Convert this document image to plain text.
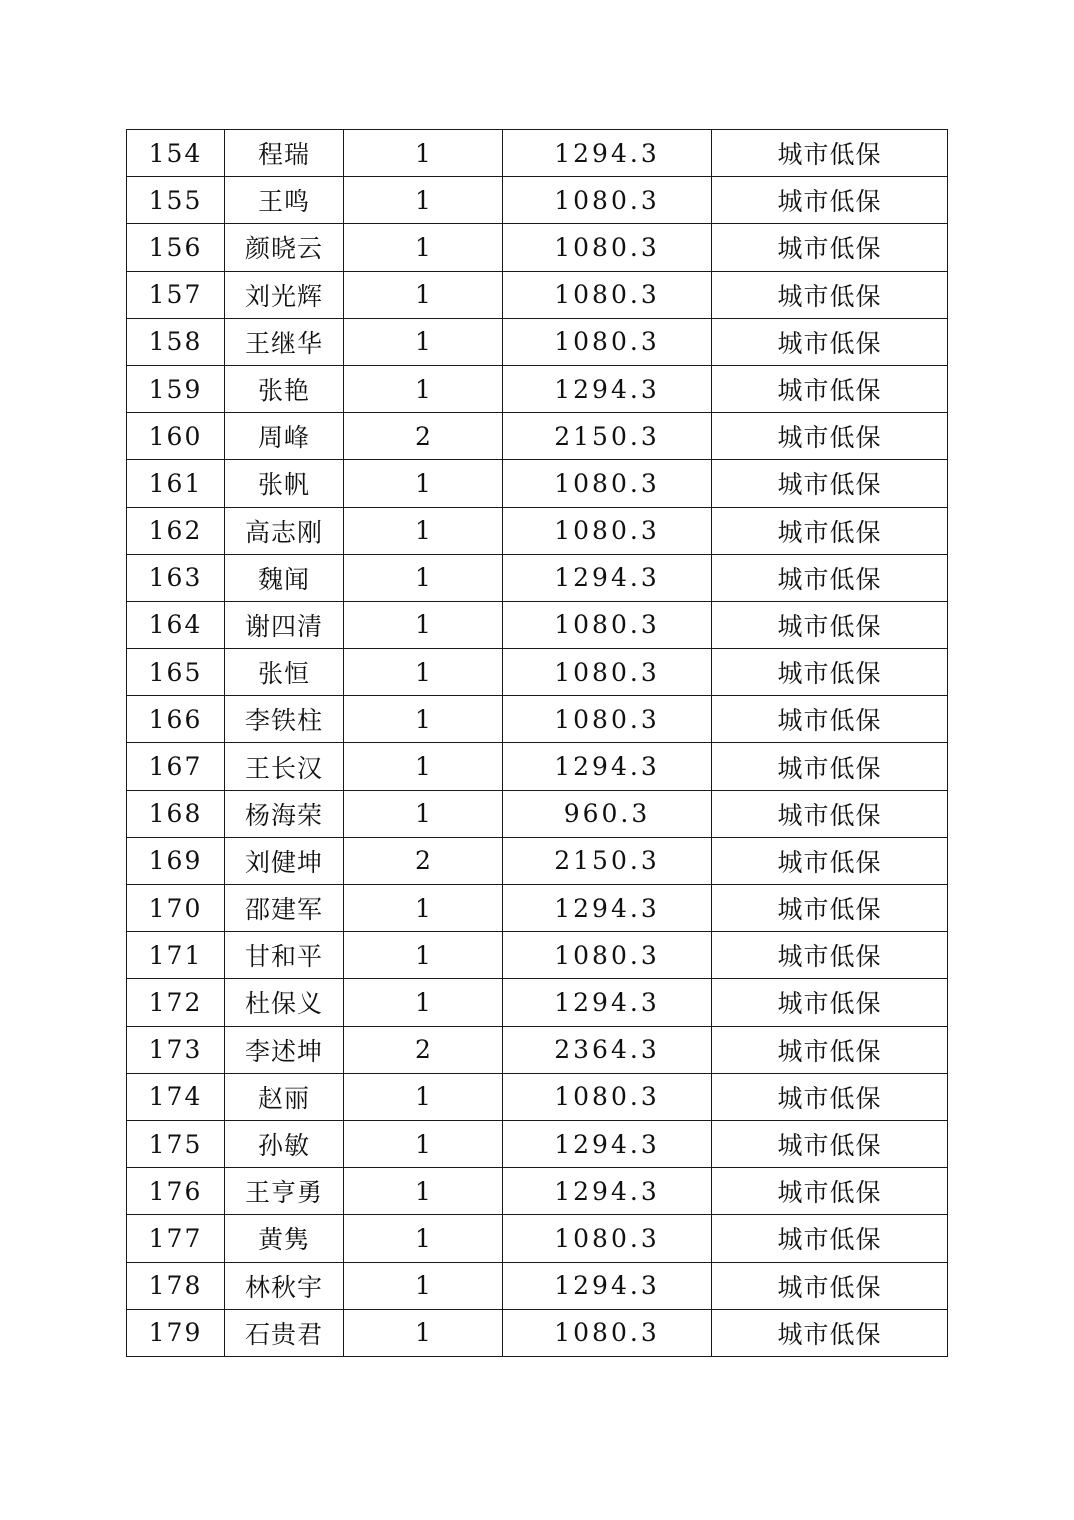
154	程瑞	1	1294.3	城市低保
155	王鸣	1	1080.3	城市低保
156	颜晓云	1	1080.3	城市低保
157	刘光辉	1	1080.3	城市低保
158	王继华	1	1080.3	城市低保
159	张艳	1	1294.3	城市低保
160	周峰	2	2150.3	城市低保
161	张帆	1	1080.3	城市低保
162	高志刚	1	1080.3	城市低保
163	魏闻	1	1294.3	城市低保
164	谢四清	1	1080.3	城市低保
165	张恒	1	1080.3	城市低保
166	李铁柱	1	1080.3	城市低保
167	王长汉	1	1294.3	城市低保
168	杨海荣	1	960.3	城市低保
169	刘健坤	2	2150.3	城市低保
170	邵建军	1	1294.3	城市低保
171	甘和平	1	1080.3	城市低保
172	杜保义	1	1294.3	城市低保
173	李述坤	2	2364.3	城市低保
174	赵丽	1	1080.3	城市低保
175	孙敏	1	1294.3	城市低保
176	王亨勇	1	1294.3	城市低保
177	黄隽	1	1080.3	城市低保
178	林秋宇	1	1294.3	城市低保
179	石贵君	1	1080.3	城市低保
